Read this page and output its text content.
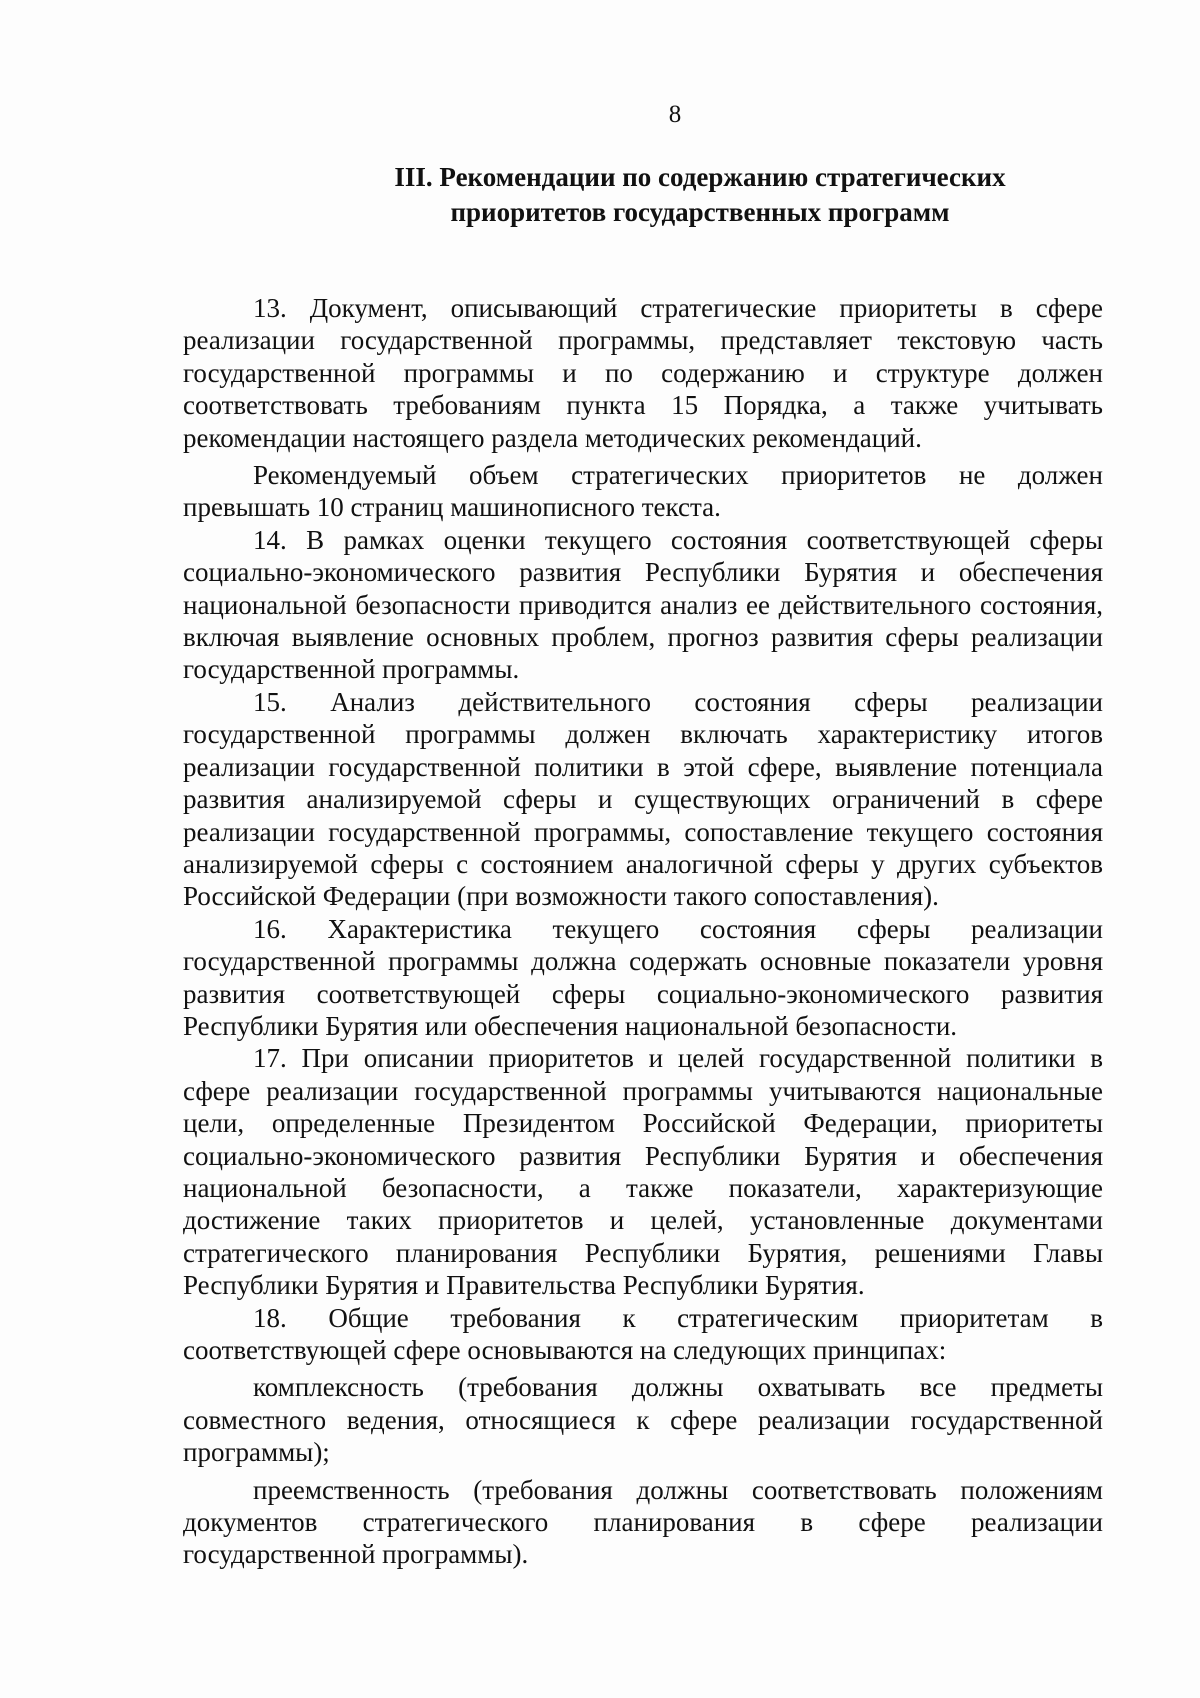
8
III. Рекомендации по содержанию стратегических
приоритетов государственных программ

13. Документ, описывающий стратегические приоритеты в сфере реализации государственной программы, представляет текстовую часть государственной программы и по содержанию и структуре должен соответствовать требованиям пункта 15 Порядка, а также учитывать рекомендации настоящего раздела методических рекомендаций.

Рекомендуемый объем стратегических приоритетов не должен превышать 10 страниц машинописного текста.

14. В рамках оценки текущего состояния соответствующей сферы социально-экономического развития Республики Бурятия и обеспечения национальной безопасности приводится анализ ее действительного состояния, включая выявление основных проблем, прогноз развития сферы реализации государственной программы.

15. Анализ действительного состояния сферы реализации государственной программы должен включать характеристику итогов реализации государственной политики в этой сфере, выявление потенциала развития анализируемой сферы и существующих ограничений в сфере реализации государственной программы, сопоставление текущего состояния анализируемой сферы с состоянием аналогичной сферы у других субъектов Российской Федерации (при возможности такого сопоставления).

16. Характеристика текущего состояния сферы реализации государственной программы должна содержать основные показатели уровня развития соответствующей сферы социально-экономического развития Республики Бурятия или обеспечения национальной безопасности.

17. При описании приоритетов и целей государственной политики в сфере реализации государственной программы учитываются национальные цели, определенные Президентом Российской Федерации, приоритеты социально-экономического развития Республики Бурятия и обеспечения национальной безопасности, а также показатели, характеризующие достижение таких приоритетов и целей, установленные документами стратегического планирования Республики Бурятия, решениями Главы Республики Бурятия и Правительства Республики Бурятия.

18. Общие требования к стратегическим приоритетам в соответствующей сфере основываются на следующих принципах:

комплексность (требования должны охватывать все предметы совместного ведения, относящиеся к сфере реализации государственной программы);

преемственность (требования должны соответствовать положениям документов стратегического планирования в сфере реализации государственной программы).
